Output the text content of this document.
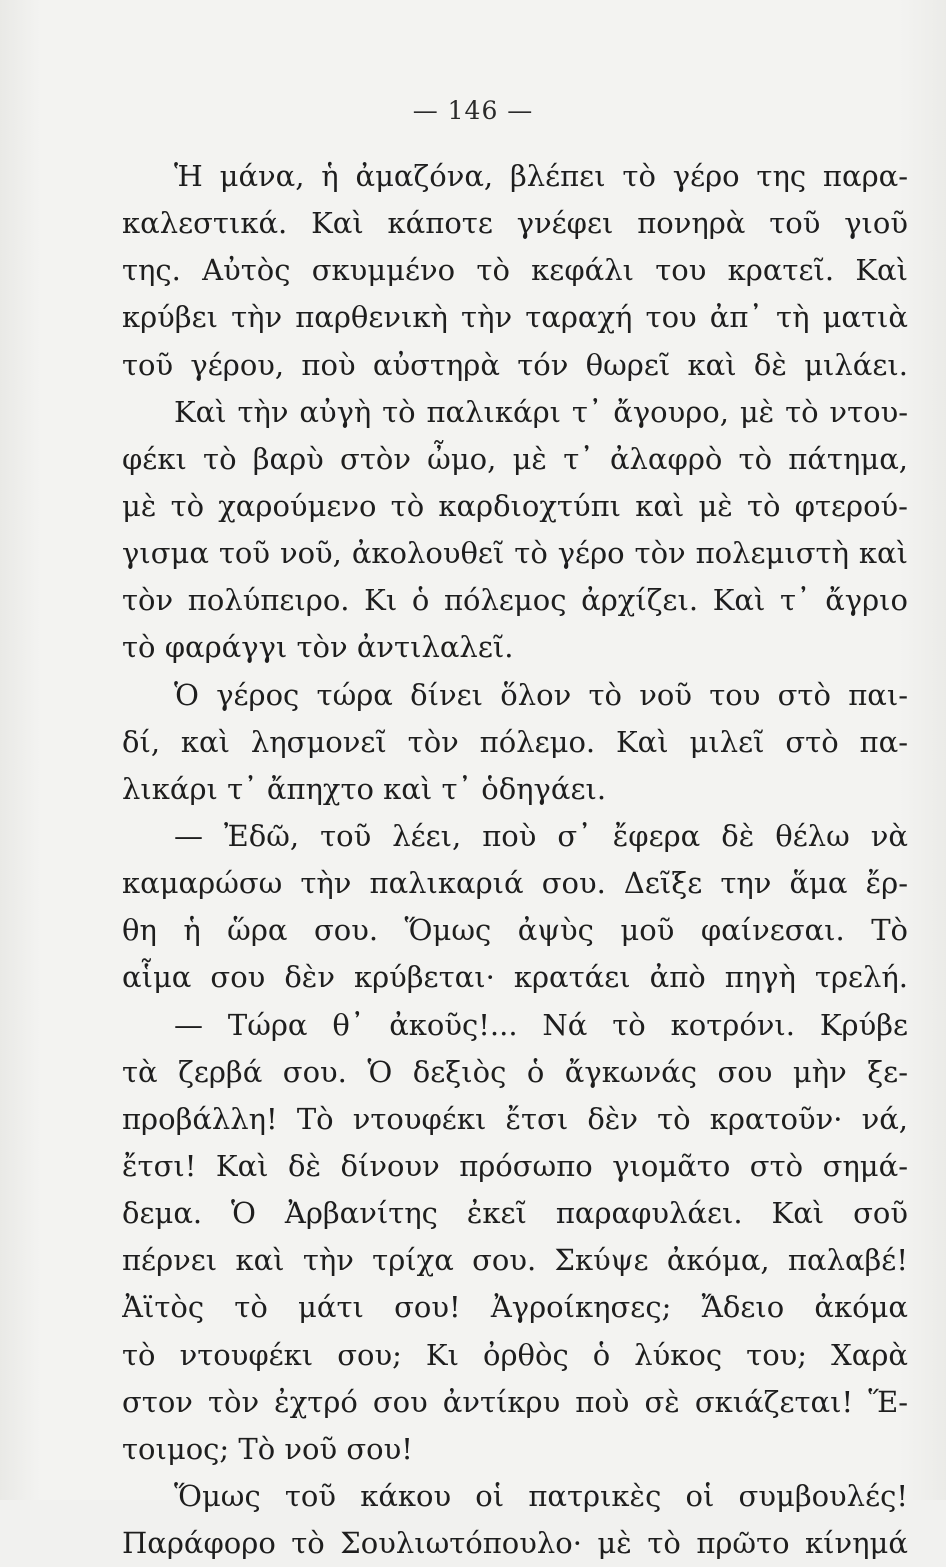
— 146 —
Ἡ μάνα, ἡ ἀμαζόνα, βλέπει τὸ γέρο της παρα-
καλεστικά. Καὶ κάποτε γνέφει πονηρὰ τοῦ γιοῦ
της. Αὐτὸς σκυμμένο τὸ κεφάλι του κρατεῖ. Καὶ
κρύβει τὴν παρθενικὴ τὴν ταραχή του ἀπ᾽ τὴ ματιὰ
τοῦ γέρου, ποὺ αὐστηρὰ τόν θωρεῖ καὶ δὲ μιλάει.
Καὶ τὴν αὐγὴ τὸ παλικάρι τ᾽ ἄγουρο, μὲ τὸ ντου-
φέκι τὸ βαρὺ στὸν ὦμο, μὲ τ᾽ ἀλαφρὸ τὸ πάτημα,
μὲ τὸ χαρούμενο τὸ καρδιοχτύπι καὶ μὲ τὸ φτερού-
γισμα τοῦ νοῦ, ἀκολουθεῖ τὸ γέρο τὸν πολεμιστὴ καὶ
τὸν πολύπειρο. Κι ὁ πόλεμος ἀρχίζει. Καὶ τ᾽ ἄγριο
τὸ φαράγγι τὸν ἀντιλαλεῖ.
Ὁ γέρος τώρα δίνει ὅλον τὸ νοῦ του στὸ παι-
δί, καὶ λησμονεῖ τὸν πόλεμο. Καὶ μιλεῖ στὸ πα-
λικάρι τ᾽ ἄπηχτο καὶ τ᾽ ὁδηγάει.
— Ἐδῶ, τοῦ λέει, ποὺ σ᾽ ἔφερα δὲ θέλω νὰ
καμαρώσω τὴν παλικαριά σου. Δεῖξε την ἅμα ἔρ-
θη ἡ ὥρα σου. Ὅμως ἀψὺς μοῦ φαίνεσαι. Τὸ
αἷμα σου δὲν κρύβεται· κρατάει ἀπὸ πηγὴ τρελή.
— Τώρα θ᾽ ἀκοῦς!... Νά τὸ κοτρόνι. Κρύβε
τὰ ζερβά σου. Ὁ δεξιὸς ὁ ἄγκωνάς σου μὴν ξε-
προβάλλη! Τὸ ντουφέκι ἔτσι δὲν τὸ κρατοῦν· νά,
ἔτσι! Καὶ δὲ δίνουν πρόσωπο γιομᾶτο στὸ σημά-
δεμα. Ὁ Ἀρβανίτης ἐκεῖ παραφυλάει. Καὶ σοῦ
πέρνει καὶ τὴν τρίχα σου. Σκύψε ἀκόμα, παλαβέ!
Ἀϊτὸς τὸ μάτι σου! Ἀγροίκησες; Ἄδειο ἀκόμα
τὸ ντουφέκι σου; Κι ὀρθὸς ὁ λύκος του; Χαρὰ
στον τὸν ἐχτρό σου ἀντίκρυ ποὺ σὲ σκιάζεται! Ἕ-
τοιμος; Τὸ νοῦ σου!
Ὅμως τοῦ κάκου οἱ πατρικὲς οἱ συμβουλές!
Παράφορο τὸ Σουλιωτόπουλο· μὲ τὸ πρῶτο κίνημά
